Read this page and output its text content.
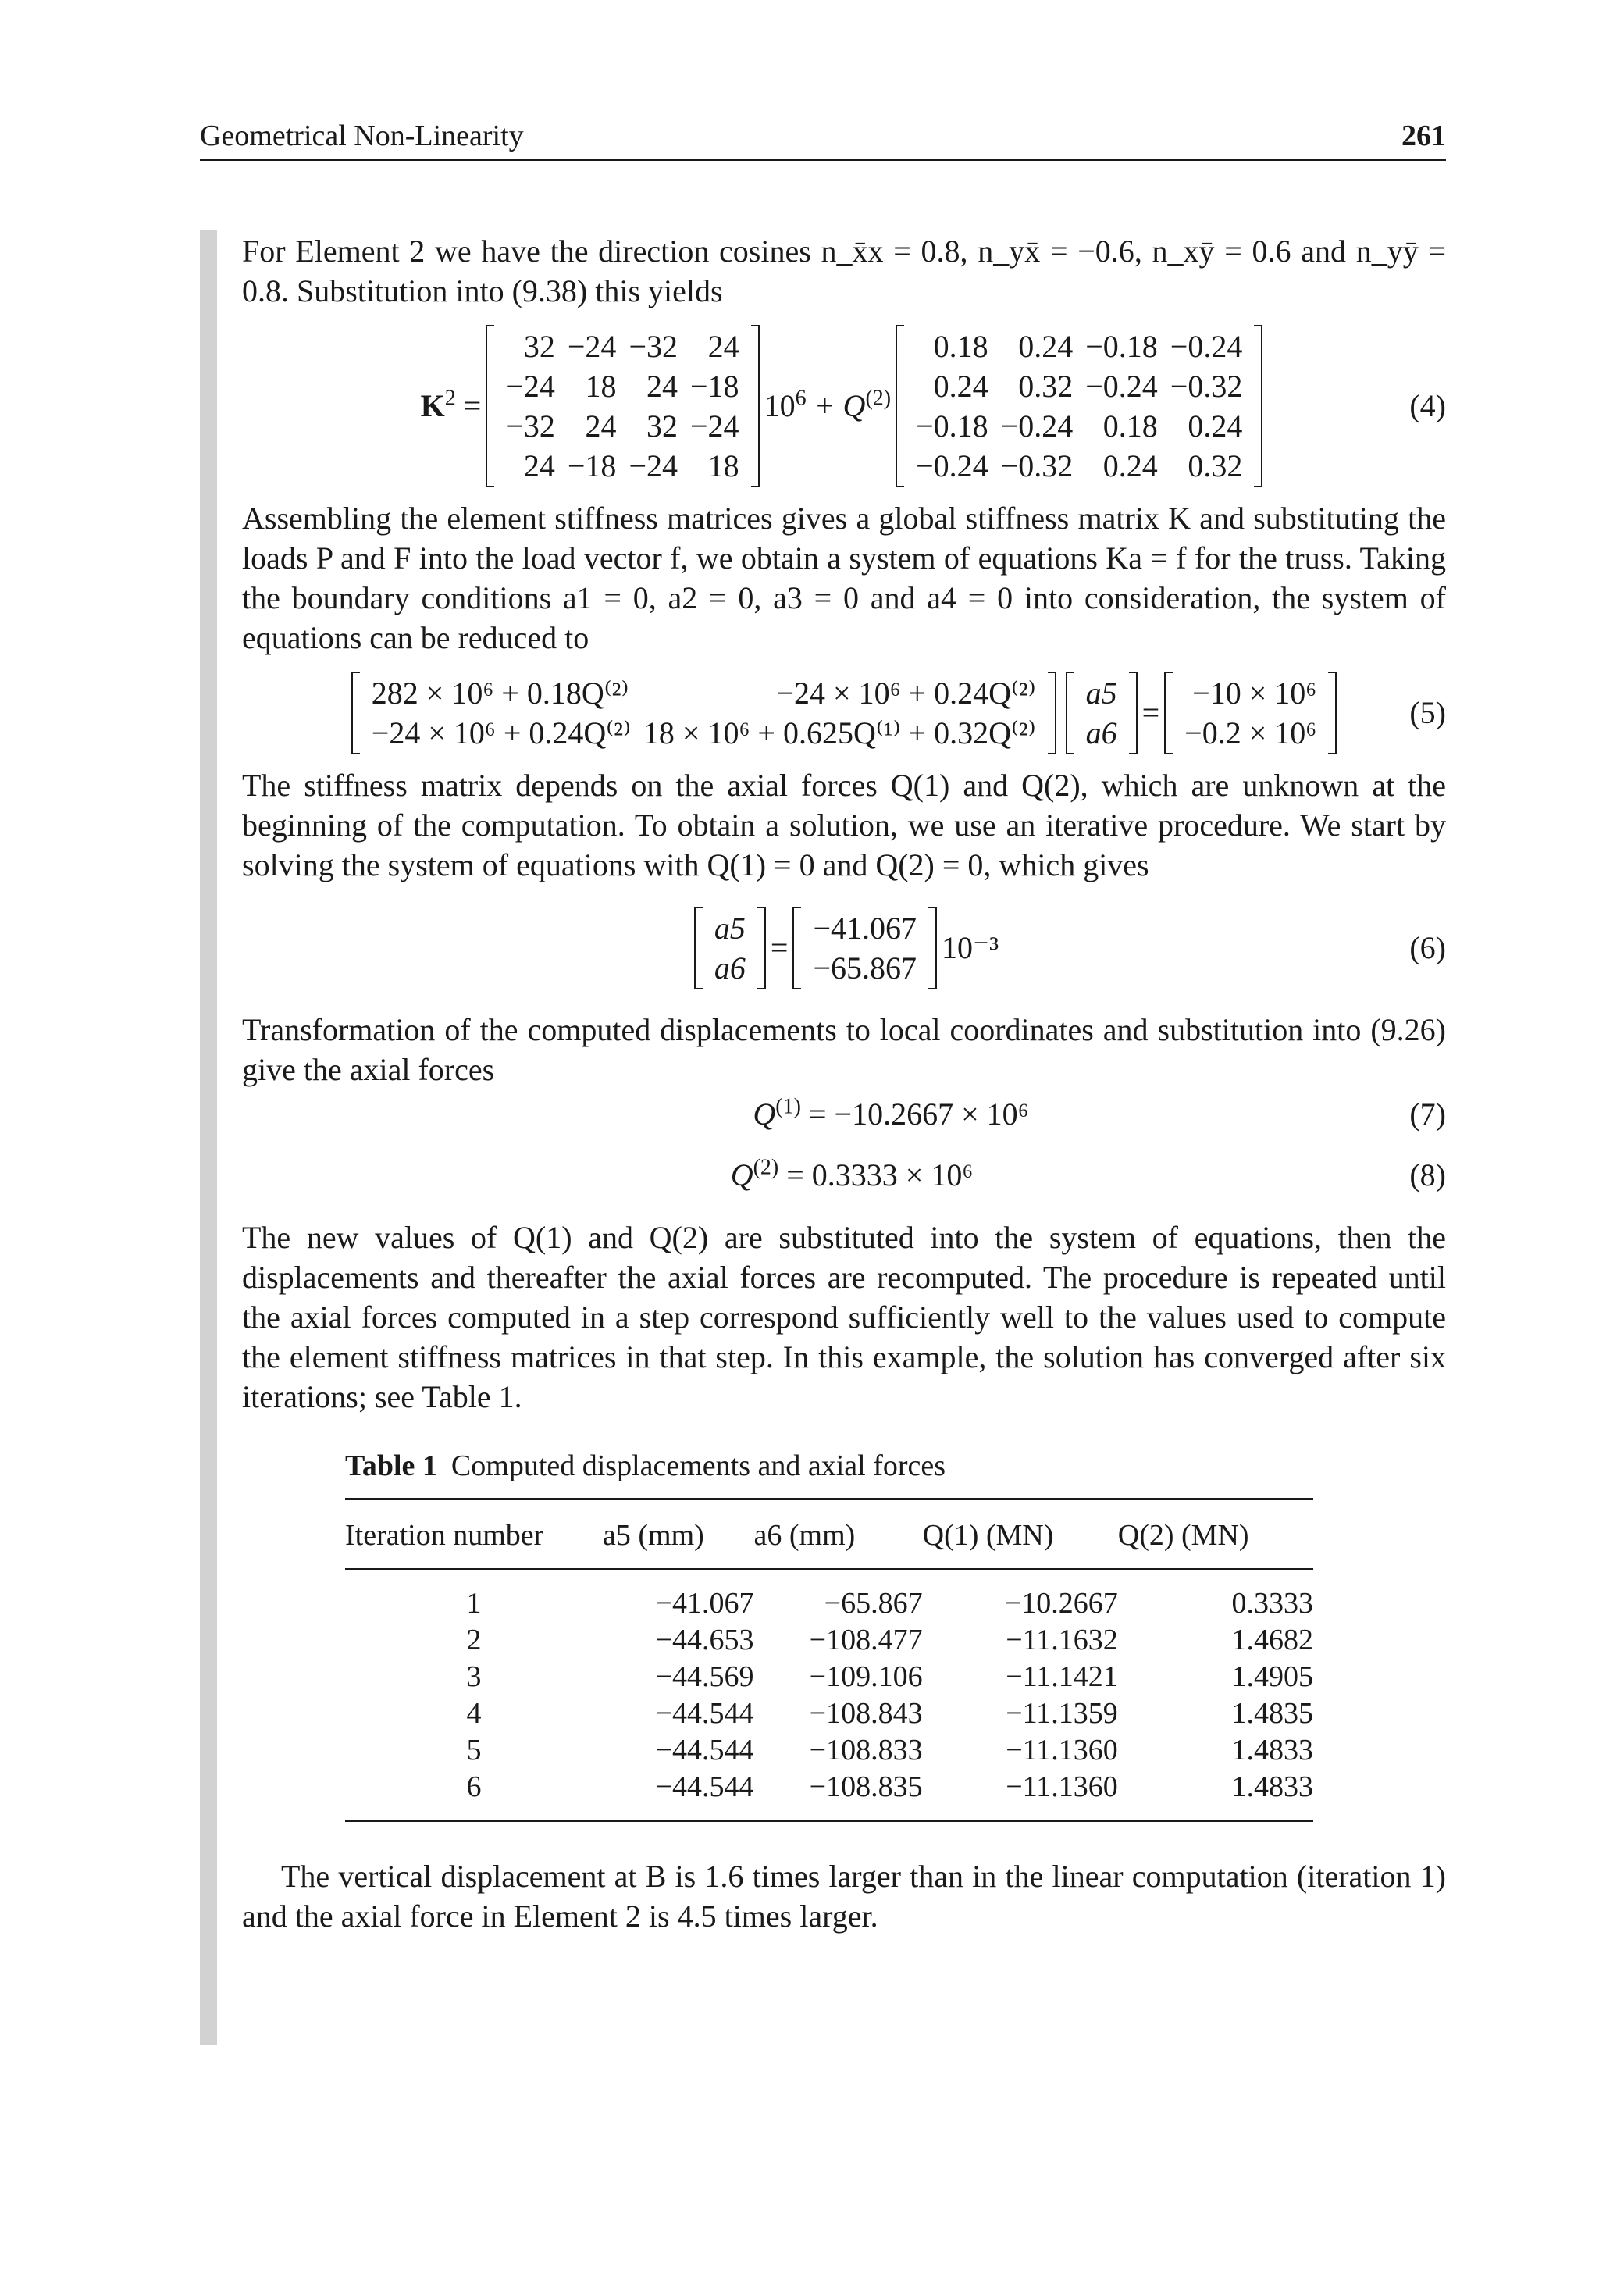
Geometrical Non-Linearity	261

For Element 2 we have the direction cosines n_x̄x = 0.8, n_yx̄ = −0.6, n_xȳ = 0.6 and n_yȳ = 0.8. Substitution into (9.38) this yields

$K^2$ =
32	−24	−32	24
−24	18	24	−18
−32	24	32	−24
24	−18	−24	18
$10^6 + Q^{(2)}$
0.18	0.24	−0.18	−0.24
0.24	0.32	−0.24	−0.32
−0.18	−0.24	0.18	0.24
−0.24	−0.32	0.24	0.32
(4)

Assembling the element stiffness matrices gives a global stiffness matrix K and substituting the loads P and F into the load vector f, we obtain a system of equations Ka = f for the truss. Taking the boundary conditions a1 = 0, a2 = 0, a3 = 0 and a4 = 0 into consideration, the system of equations can be reduced to

282 × 10⁶ + 0.18Q⁽²⁾	−24 × 10⁶ + 0.24Q⁽²⁾
−24 × 10⁶ + 0.24Q⁽²⁾	18 × 10⁶ + 0.625Q⁽¹⁾ + 0.32Q⁽²⁾
a5
a6
=
−10 × 10⁶
−0.2 × 10⁶
(5)

The stiffness matrix depends on the axial forces Q(1) and Q(2), which are unknown at the beginning of the computation. To obtain a solution, we use an iterative procedure. We start by solving the system of equations with Q(1) = 0 and Q(2) = 0, which gives

a5
a6
=
−41.067
−65.867
10⁻³	(6)

Transformation of the computed displacements to local coordinates and substitution into (9.26) give the axial forces

$Q^{(1)} = -10.2667 \times 10^6$	(7)
$Q^{(2)} = 0.3333 \times 10^6$	(8)

The new values of Q(1) and Q(2) are substituted into the system of equations, then the displacements and thereafter the axial forces are recomputed. The procedure is repeated until the axial forces computed in a step correspond sufficiently well to the values used to compute the element stiffness matrices in that step. In this example, the solution has converged after six iterations; see Table 1.

Table 1 Computed displacements and axial forces
Iteration number	a5 (mm)	a6 (mm)	Q(1) (MN)	Q(2) (MN)
1	−41.067	−65.867	−10.2667	0.3333
2	−44.653	−108.477	−11.1632	1.4682
3	−44.569	−109.106	−11.1421	1.4905
4	−44.544	−108.843	−11.1359	1.4835
5	−44.544	−108.833	−11.1360	1.4833
6	−44.544	−108.835	−11.1360	1.4833

The vertical displacement at B is 1.6 times larger than in the linear computation (iteration 1) and the axial force in Element 2 is 4.5 times larger.
